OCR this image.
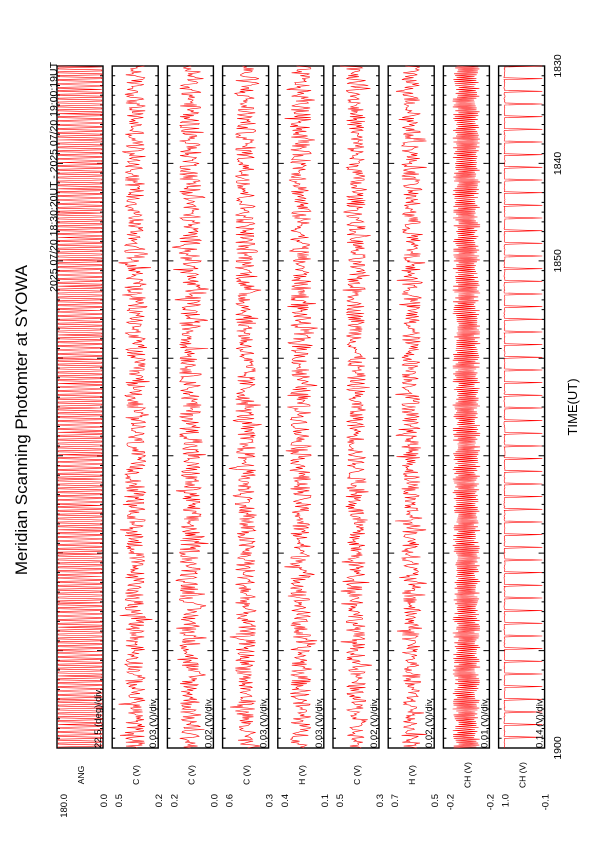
Meridian Scanning Photomter at SYOWA
2025 07/20 18:30:20UT - 2025 07/20 19:00:19UT
TIME(UT)
1830
1840
1850
1900
22.5 (deg)/div
180.0	0.0
ANG
0.03 (V)/div
0.5	0.2
C (V)
0.02 (V)/div
0.2	0.0
C (V)
0.03 (V)/div
0.6	0.3
C (V)
0.03 (V)/div
0.4	0.1
H (V)
0.02 (V)/div
0.5	0.3
C (V)
0.02 (V)/div
0.7	0.5
H (V)
0.01 (V)/div
-0.2	-0.2
CH (V)
0.14 (V)/div
1.0	-0.1
CH (V)
